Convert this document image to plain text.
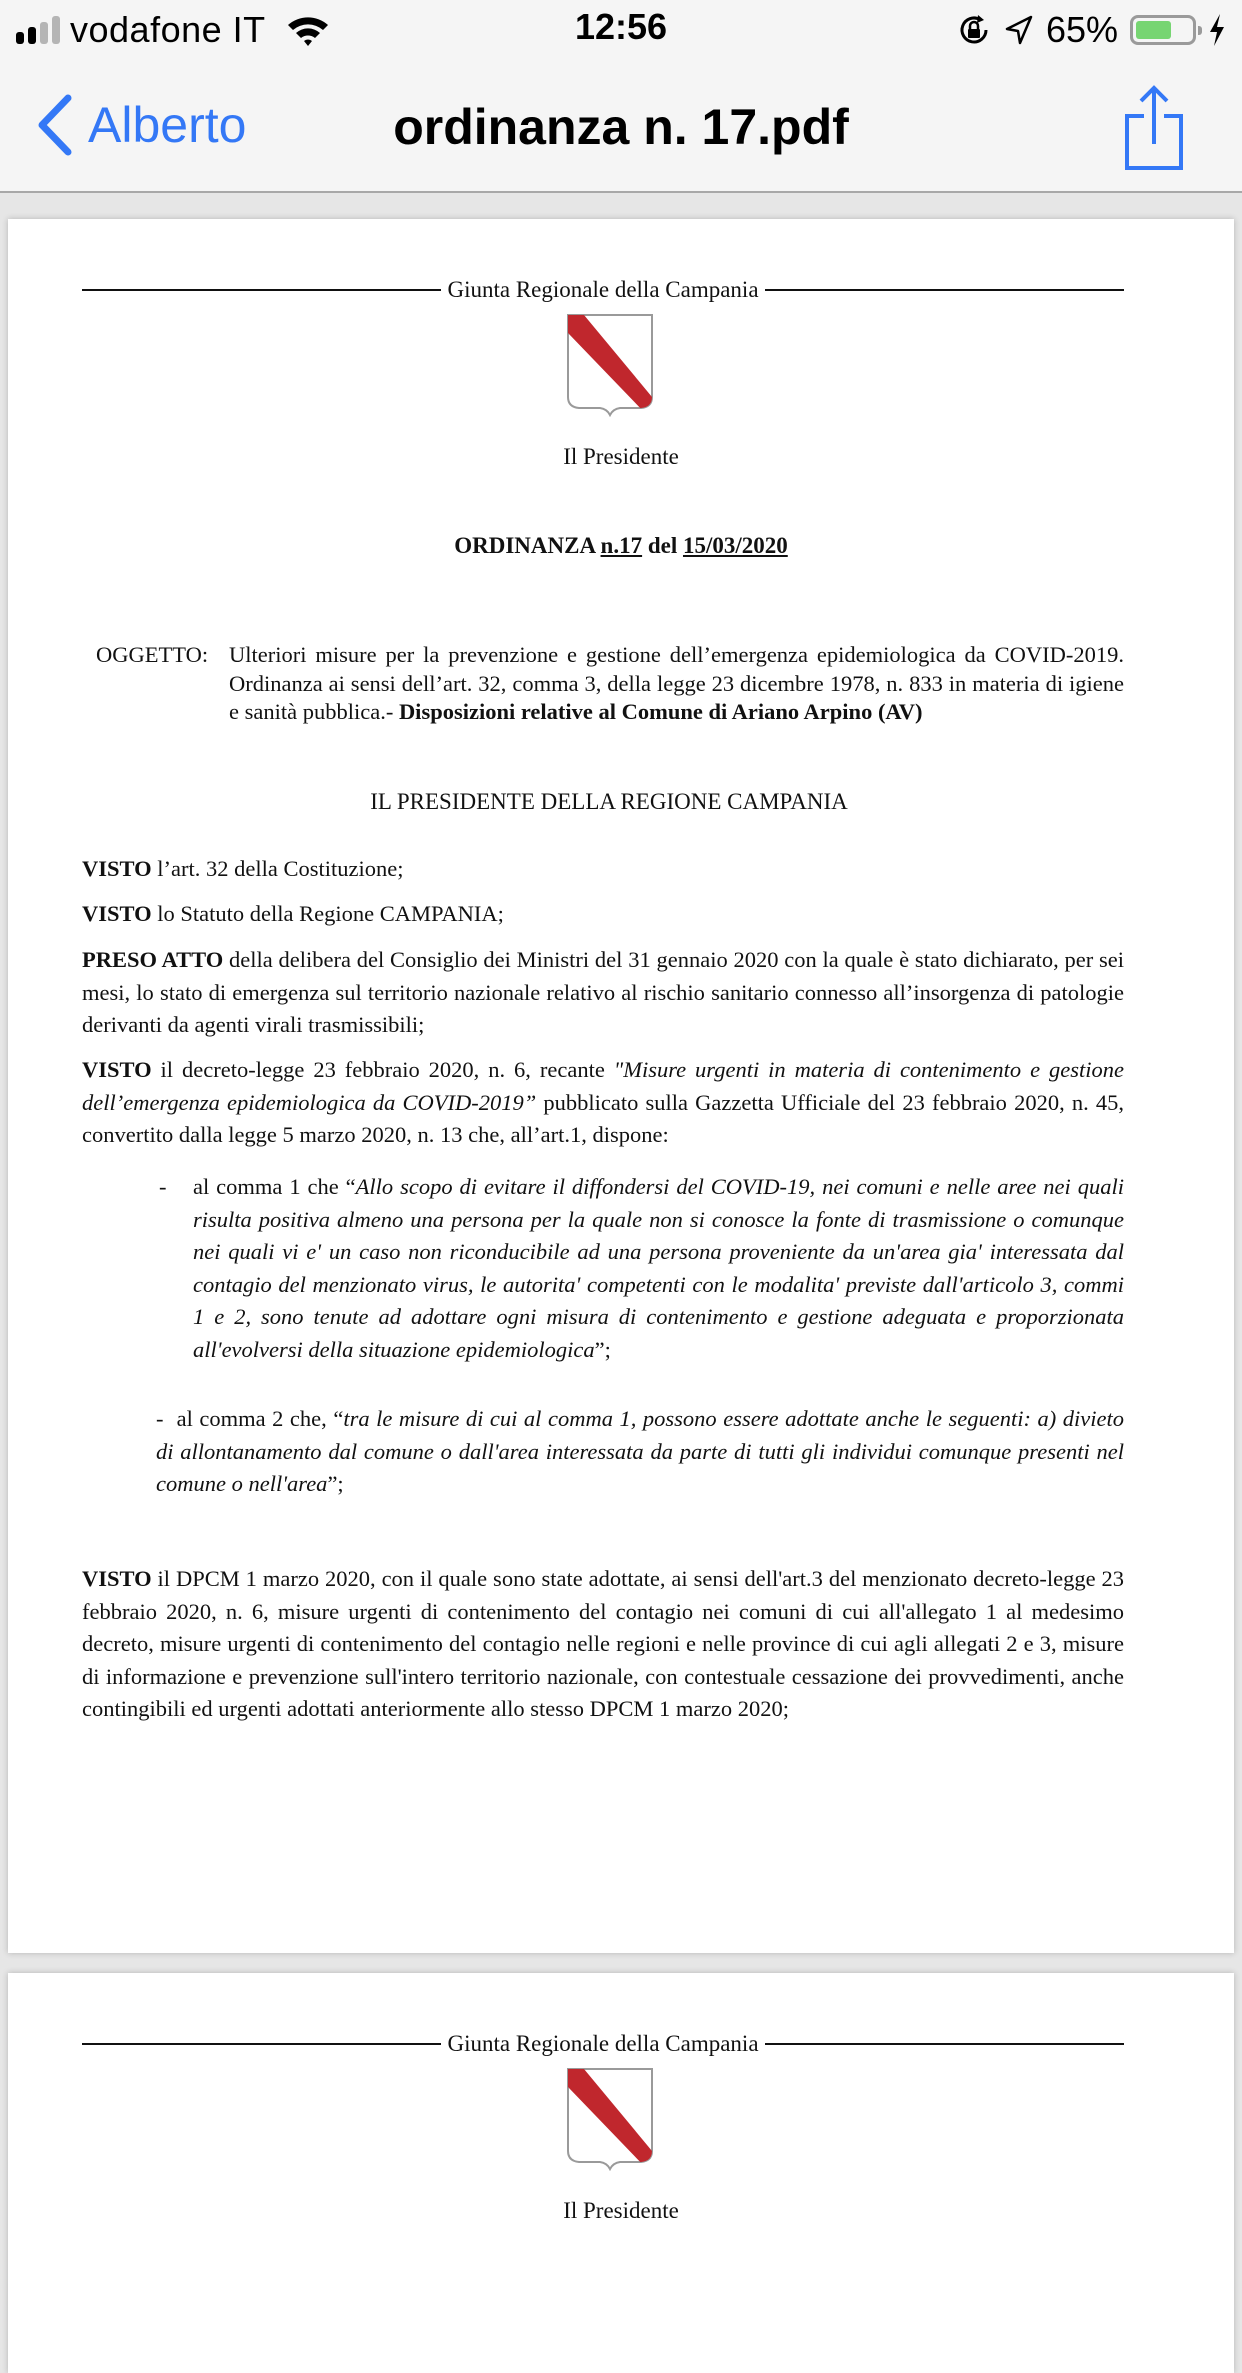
vodafone IT	12:56	65%
Alberto	ordinanza n. 17.pdf
Giunta Regionale della Campania
Il Presidente
ORDINANZA n.17 del 15/03/2020
OGGETTO: Ulteriori misure per la prevenzione e gestione dell’emergenza epidemiologica da COVID-2019. Ordinanza ai sensi dell’art. 32, comma 3, della legge 23 dicembre 1978, n. 833 in materia di igiene e sanità pubblica.- Disposizioni relative al Comune di Ariano Arpino (AV)
IL PRESIDENTE DELLA REGIONE CAMPANIA
VISTO l’art. 32 della Costituzione;
VISTO lo Statuto della Regione CAMPANIA;
PRESO ATTO della delibera del Consiglio dei Ministri del 31 gennaio 2020 con la quale è stato dichiarato, per sei mesi, lo stato di emergenza sul territorio nazionale relativo al rischio sanitario connesso all’insorgenza di patologie derivanti da agenti virali trasmissibili;
VISTO il decreto-legge 23 febbraio 2020, n. 6, recante "Misure urgenti in materia di contenimento e gestione dell’emergenza epidemiologica da COVID-2019” pubblicato sulla Gazzetta Ufficiale del 23 febbraio 2020, n. 45, convertito dalla legge 5 marzo 2020, n. 13 che, all’art.1, dispone:
- al comma 1 che “Allo scopo di evitare il diffondersi del COVID-19, nei comuni e nelle aree nei quali risulta positiva almeno una persona per la quale non si conosce la fonte di trasmissione o comunque nei quali vi e' un caso non riconducibile ad una persona proveniente da un'area gia' interessata dal contagio del menzionato virus, le autorita' competenti con le modalita' previste dall'articolo 3, commi 1 e 2, sono tenute ad adottare ogni misura di contenimento e gestione adeguata e proporzionata all'evolversi della situazione epidemiologica”;
- al comma 2 che, “tra le misure di cui al comma 1, possono essere adottate anche le seguenti: a) divieto di allontanamento dal comune o dall'area interessata da parte di tutti gli individui comunque presenti nel comune o nell'area”;
VISTO il DPCM 1 marzo 2020, con il quale sono state adottate, ai sensi dell'art.3 del menzionato decreto-legge 23 febbraio 2020, n. 6, misure urgenti di contenimento del contagio nei comuni di cui all'allegato 1 al medesimo decreto, misure urgenti di contenimento del contagio nelle regioni e nelle province di cui agli allegati 2 e 3, misure di informazione e prevenzione sull'intero territorio nazionale, con contestuale cessazione dei provvedimenti, anche contingibili ed urgenti adottati anteriormente allo stesso DPCM 1 marzo 2020;
Giunta Regionale della Campania
Il Presidente
